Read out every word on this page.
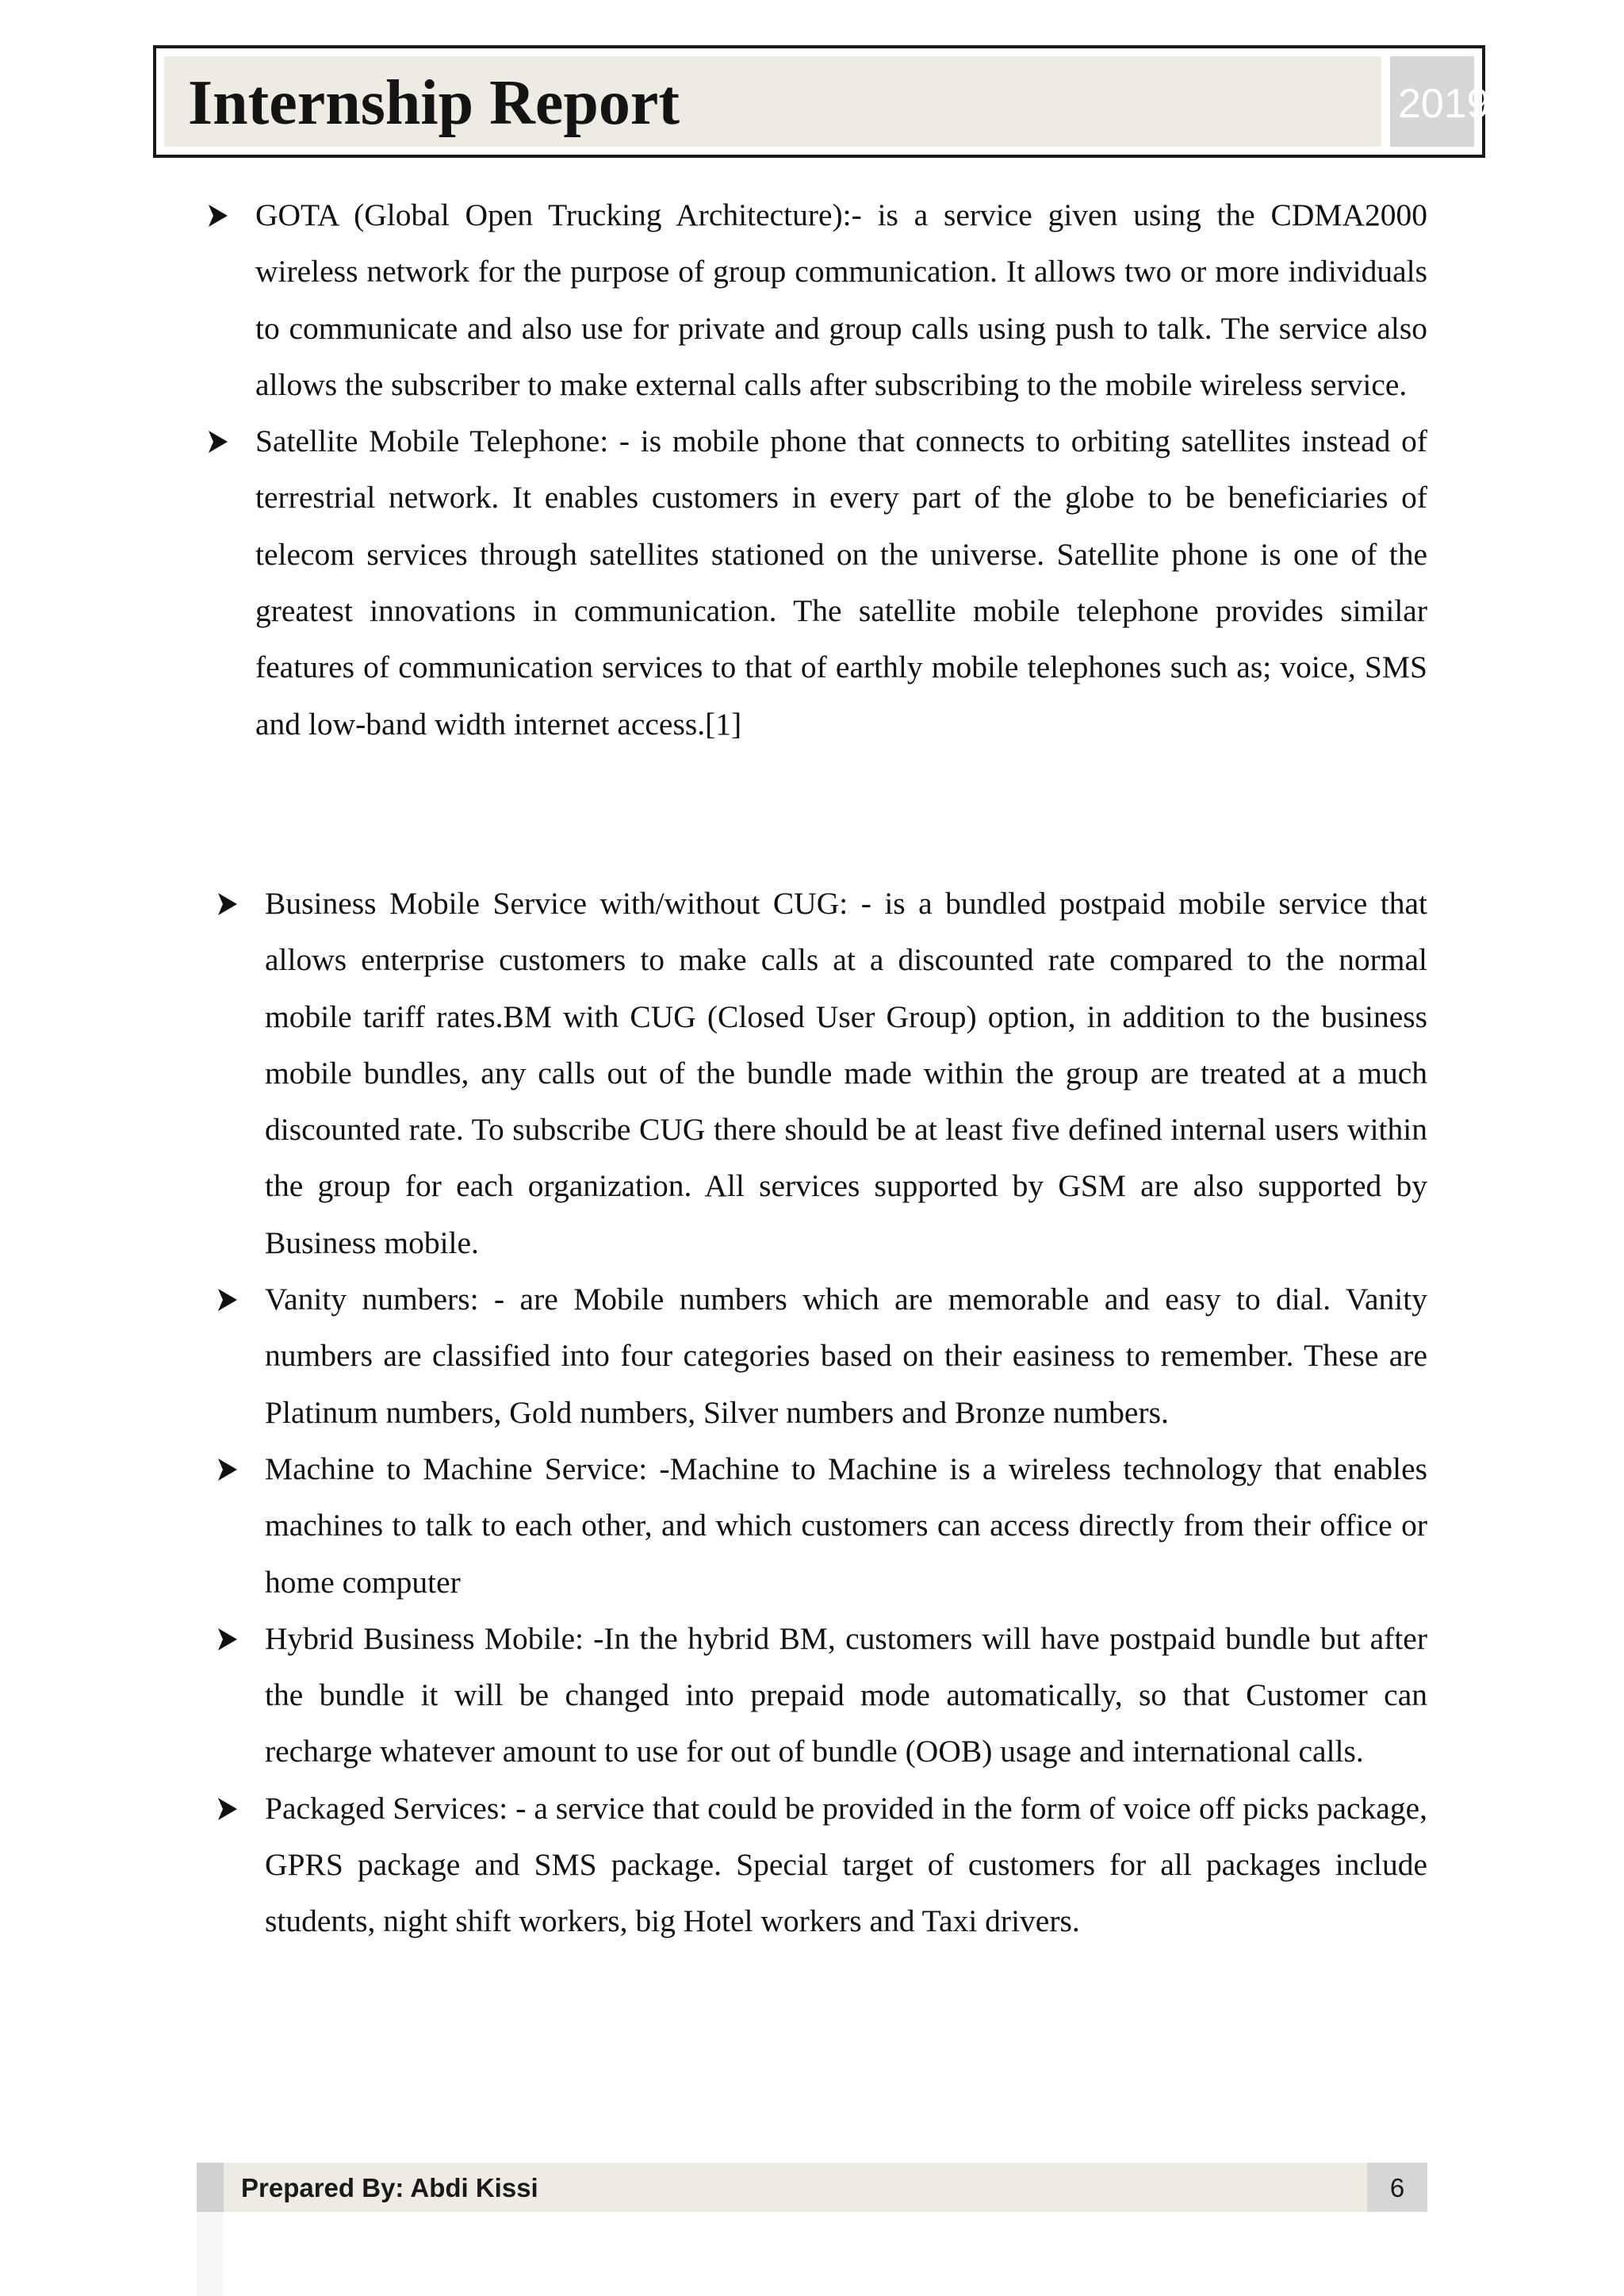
Internship Report	2019
GOTA (Global Open Trucking Architecture):- is a service given using the CDMA2000 wireless network for the purpose of group communication. It allows two or more individuals to communicate and also use for private and group calls using push to talk. The service also allows the subscriber to make external calls after subscribing to the mobile wireless service.
Satellite Mobile Telephone: - is mobile phone that connects to orbiting satellites instead of terrestrial network. It enables customers in every part of the globe to be beneficiaries of telecom services through satellites stationed on the universe. Satellite phone is one of the greatest innovations in communication. The satellite mobile telephone provides similar features of communication services to that of earthly mobile telephones such as; voice, SMS and low-band width internet access.[1]
Business Mobile Service with/without CUG: - is a bundled postpaid mobile service that allows enterprise customers to make calls at a discounted rate compared to the normal mobile tariff rates.BM with CUG (Closed User Group) option, in addition to the business mobile bundles, any calls out of the bundle made within the group are treated at a much discounted rate. To subscribe CUG there should be at least five defined internal users within the group for each organization. All services supported by GSM are also supported by Business mobile.
Vanity numbers: - are Mobile numbers which are memorable and easy to dial. Vanity numbers are classified into four categories based on their easiness to remember. These are Platinum numbers, Gold numbers, Silver numbers and Bronze numbers.
Machine to Machine Service: -Machine to Machine is a wireless technology that enables machines to talk to each other, and which customers can access directly from their office or home computer
Hybrid Business Mobile: -In the hybrid BM, customers will have postpaid bundle but after the bundle it will be changed into prepaid mode automatically, so that Customer can recharge whatever amount to use for out of bundle (OOB) usage and international calls.
Packaged Services: - a service that could be provided in the form of voice off picks package, GPRS package and SMS package. Special target of customers for all packages include students, night shift workers, big Hotel workers and Taxi drivers.
Prepared By: Abdi Kissi	6
